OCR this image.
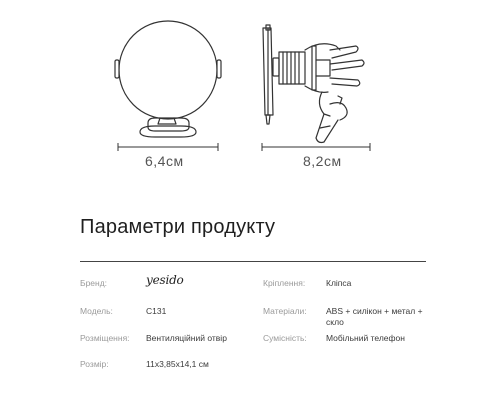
6,4см	8,2см
Параметри продукту
Бренд:	yesido	Кріплення: Кліпса
Модель:	C131	Матеріали: ABS + силікон + метал + скло
Розміщення: Вентиляційний отвір	Сумісність: Мобільний телефон
Розмір:	11х3,85х14,1 см
